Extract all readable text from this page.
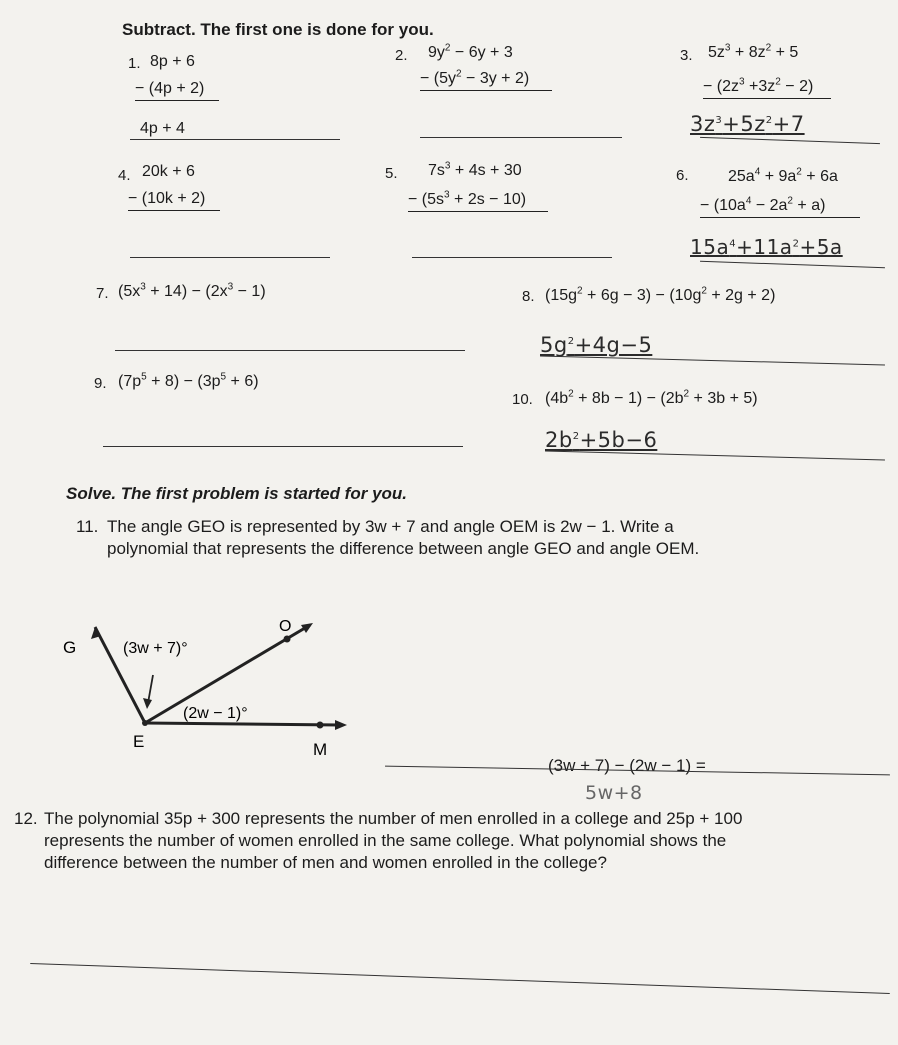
Subtract. The first one is done for you.
1. 8p + 6
− (4p + 2)
4p + 4
2. $9y^2 - 6y + 3$
− $(5y^2 - 3y + 2)$
3. $5z^3 + 8z^2 + 5$
− $(2z^3 +3z^2 - 2)$
$3z^3+5z^2+7$
4. 20k + 6
− (10k + 2)
5. $7s^3 + 4s + 30$
− $(5s^3 + 2s - 10)$
6. $25a^4 + 9a^2 + 6a$
− $(10a^4 - 2a^2 + a)$
$15a^4+11a^2+5a$
7. $(5x^3 + 14) - (2x^3 - 1)$	8. $(15g^2 + 6g - 3) - (10g^2 + 2g + 2)$
$5g^2+4g-5$
9. $(7p^5 + 8) - (3p^5 + 6)$
10. $(4b^2 + 8b - 1) - (2b^2 + 3b + 5)$
$2b^2+5b-6$
Solve. The first problem is started for you.
11. The angle GEO is represented by 3w + 7 and angle OEM is 2w − 1. Write a polynomial that represents the difference between angle GEO and angle OEM.
G
O
E	M
(3w + 7)°
(2w − 1)°
(3w + 7) − (2w − 1) =
5w+8
12. The polynomial 35p + 300 represents the number of men enrolled in a college and 25p + 100 represents the number of women enrolled in the same college. What polynomial shows the difference between the number of men and women enrolled in the college?
